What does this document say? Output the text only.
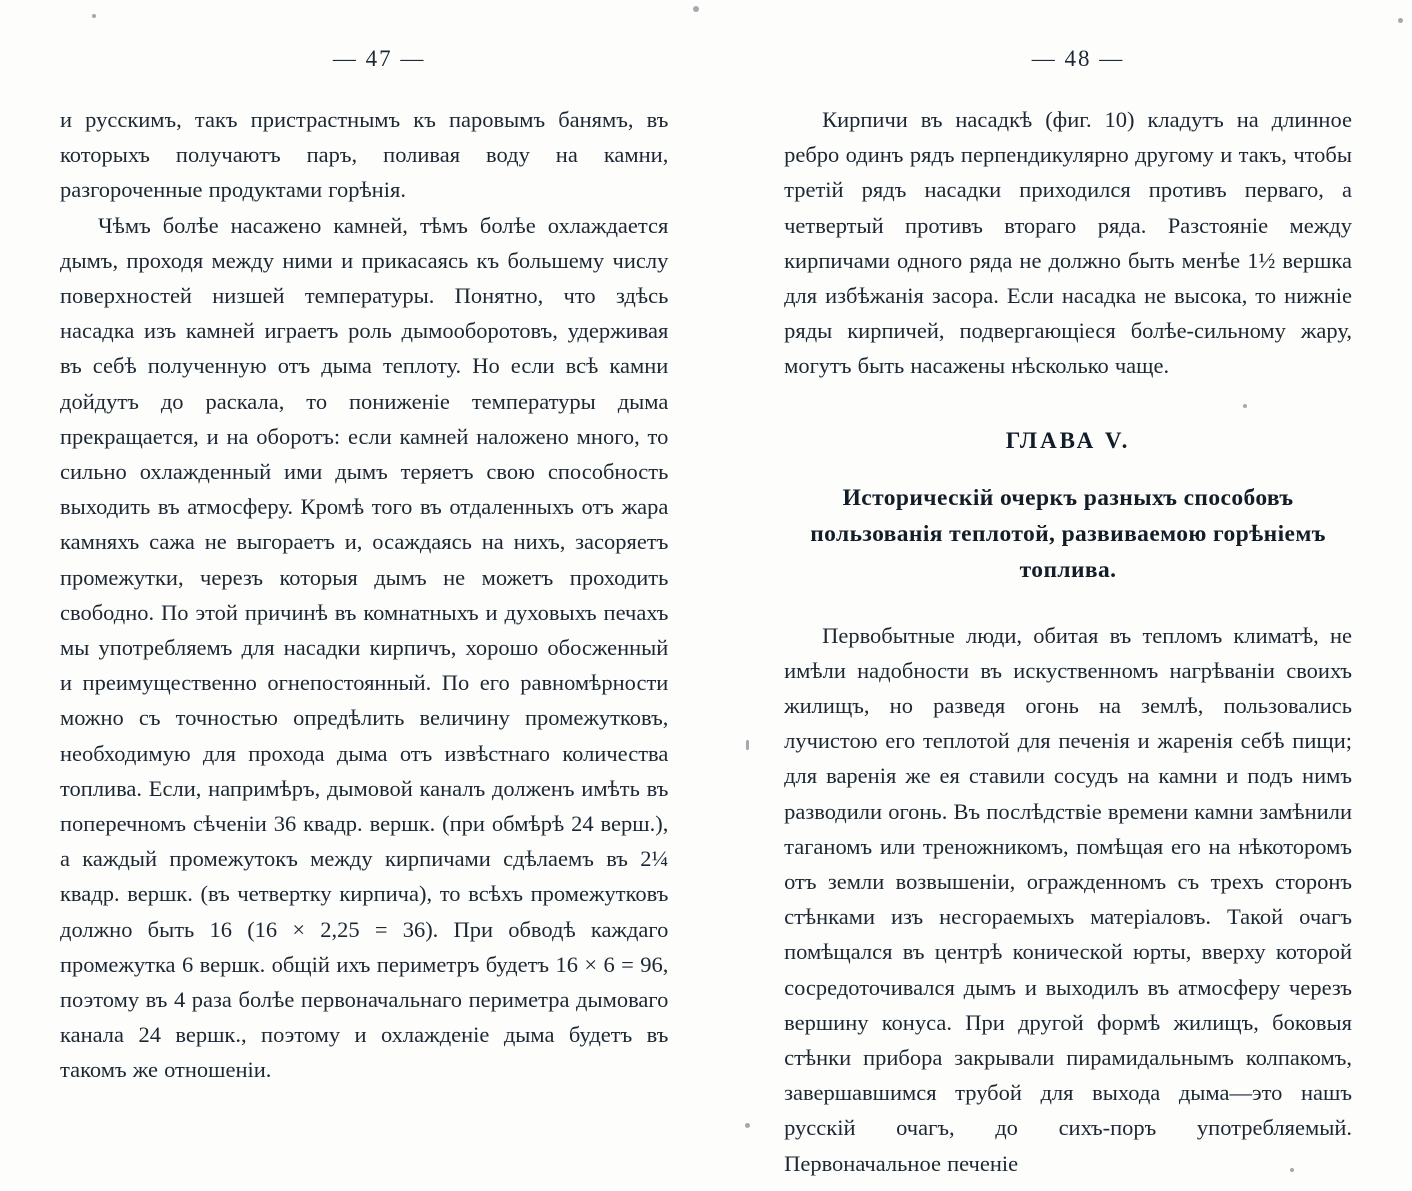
— 47 —

и русскимъ, такъ пристрастнымъ къ паровымъ банямъ, въ которыхъ получаютъ паръ, поливая воду на камни, разгороченные продуктами горѣнія.

Чѣмъ болѣе насажено камней, тѣмъ болѣе охлаждается дымъ, проходя между ними и прикасаясь къ большему числу поверхностей низшей температуры. Понятно, что здѣсь насадка изъ камней играетъ роль дымооборотовъ, удерживая въ себѣ полученную отъ дыма теплоту. Но если всѣ камни дойдутъ до раскала, то пониженіе температуры дыма прекращается, и на оборотъ: если камней наложено много, то сильно охлажденный ими дымъ теряетъ свою способность выходить въ атмосферу. Кромѣ того въ отдаленныхъ отъ жара камняхъ сажа не выгораетъ и, осаждаясь на нихъ, засоряетъ промежутки, черезъ которыя дымъ не можетъ проходить свободно. По этой причинѣ въ комнатныхъ и духовыхъ печахъ мы употребляемъ для насадки кирпичъ, хорошо обосженный и преимущественно огнепостоянный. По его равномѣрности можно съ точностью опредѣлить величину промежутковъ, необходимую для прохода дыма отъ извѣстнаго количества топлива. Если, напримѣръ, дымовой каналъ долженъ имѣть въ поперечномъ сѣченіи 36 квадр. вершк. (при обмѣрѣ 24 верш.), а каждый промежутокъ между кирпичами сдѣлаемъ въ 2¼ квадр. вершк. (въ четвертку кирпича), то всѣхъ промежутковъ должно быть 16 (16 × 2,25 = 36). При обводѣ каждаго промежутка 6 вершк. общій ихъ периметръ будетъ 16 × 6 = 96, поэтому въ 4 раза болѣе первоначальнаго периметра дымоваго канала 24 вершк., поэтому и охлажденіе дыма будетъ въ такомъ же отношеніи.

— 48 —

Кирпичи въ насадкѣ (фиг. 10) кладутъ на длинное ребро одинъ рядъ перпендикулярно другому и такъ, чтобы третій рядъ насадки приходился противъ перваго, а четвертый противъ втораго ряда. Разстояніе между кирпичами одного ряда не должно быть менѣе 1½ вершка для избѣжанія засора. Если насадка не высока, то нижніе ряды кирпичей, подвергающіеся болѣе-сильному жару, могутъ быть насажены нѣсколько чаще.

ГЛАВА V.
Историческій очеркъ разныхъ способовъ пользованія теплотой, развиваемою горѣніемъ топлива.

Первобытные люди, обитая въ тепломъ климатѣ, не имѣли надобности въ искуственномъ нагрѣваніи своихъ жилищъ, но разведя огонь на землѣ, пользовались лучистою его теплотой для печенія и жаренія себѣ пищи; для варенія же ея ставили сосудъ на камни и подъ нимъ разводили огонь. Въ послѣдствіе времени камни замѣнили таганомъ или треножникомъ, помѣщая его на нѣкоторомъ отъ земли возвышеніи, огражденномъ съ трехъ сторонъ стѣнками изъ несгораемыхъ матеріаловъ. Такой очагъ помѣщался въ центрѣ конической юрты, вверху которой сосредоточивался дымъ и выходилъ въ атмосферу черезъ вершину конуса. При другой формѣ жилищъ, боковыя стѣнки прибора закрывали пирамидальнымъ колпакомъ, завершавшимся трубой для выхода дыма—это нашъ русскій очагъ, до сихъ-поръ употребляемый. Первоначальное печеніе
